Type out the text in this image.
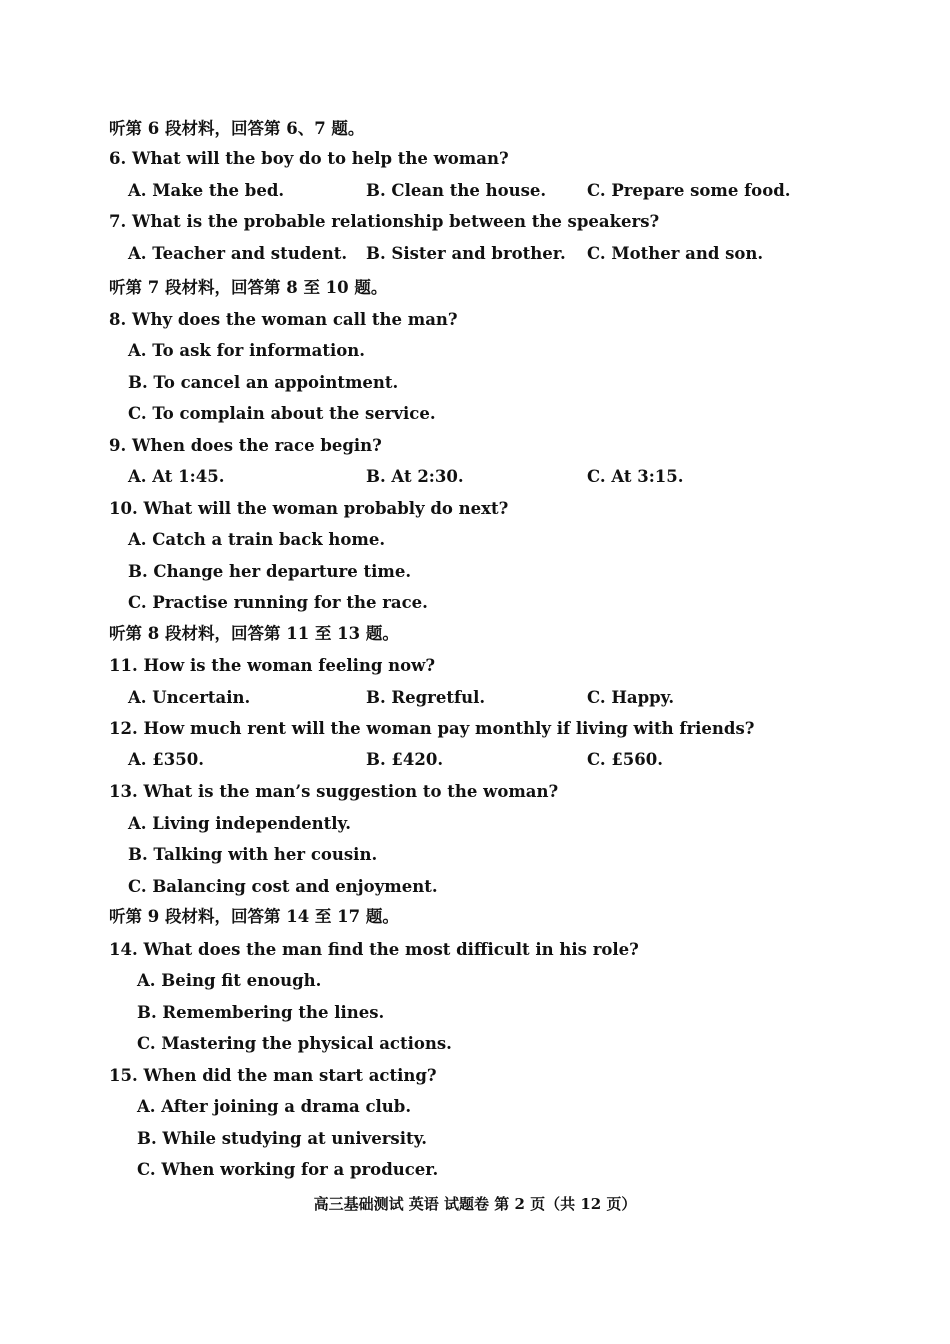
听第 6 段材料，回答第 6、7 题。
6. What will the boy do to help the woman?
A. Make the bed.	B. Clean the house. C. Prepare some food.
7. What is the probable relationship between the speakers?
A. Teacher and student. B. Sister and brother. C. Mother and son.
听第 7 段材料，回答第 8 至 10 题。
8. Why does the woman call the man?
A. To ask for information.
B. To cancel an appointment.
C. To complain about the service.
9. When does the race begin?
A. At 1:45.	B. At 2:30.	C. At 3:15.
10. What will the woman probably do next?
A. Catch a train back home.
B. Change her departure time.
C. Practise running for the race.
听第 8 段材料，回答第 11 至 13 题。
11. How is the woman feeling now?
A. Uncertain.	B. Regretful.	C. Happy.
12. How much rent will the woman pay monthly if living with friends?
A. £350.	B. £420.	C. £560.
13. What is the man’s suggestion to the woman?
A. Living independently.
B. Talking with her cousin.
C. Balancing cost and enjoyment.
听第 9 段材料，回答第 14 至 17 题。
14. What does the man find the most difficult in his role?
A. Being fit enough.
B. Remembering the lines.
C. Mastering the physical actions.
15. When did the man start acting?
A. After joining a drama club.
B. While studying at university.
C. When working for a producer.
高三基础测试 英语 试题卷 第 2 页（共 12 页）
